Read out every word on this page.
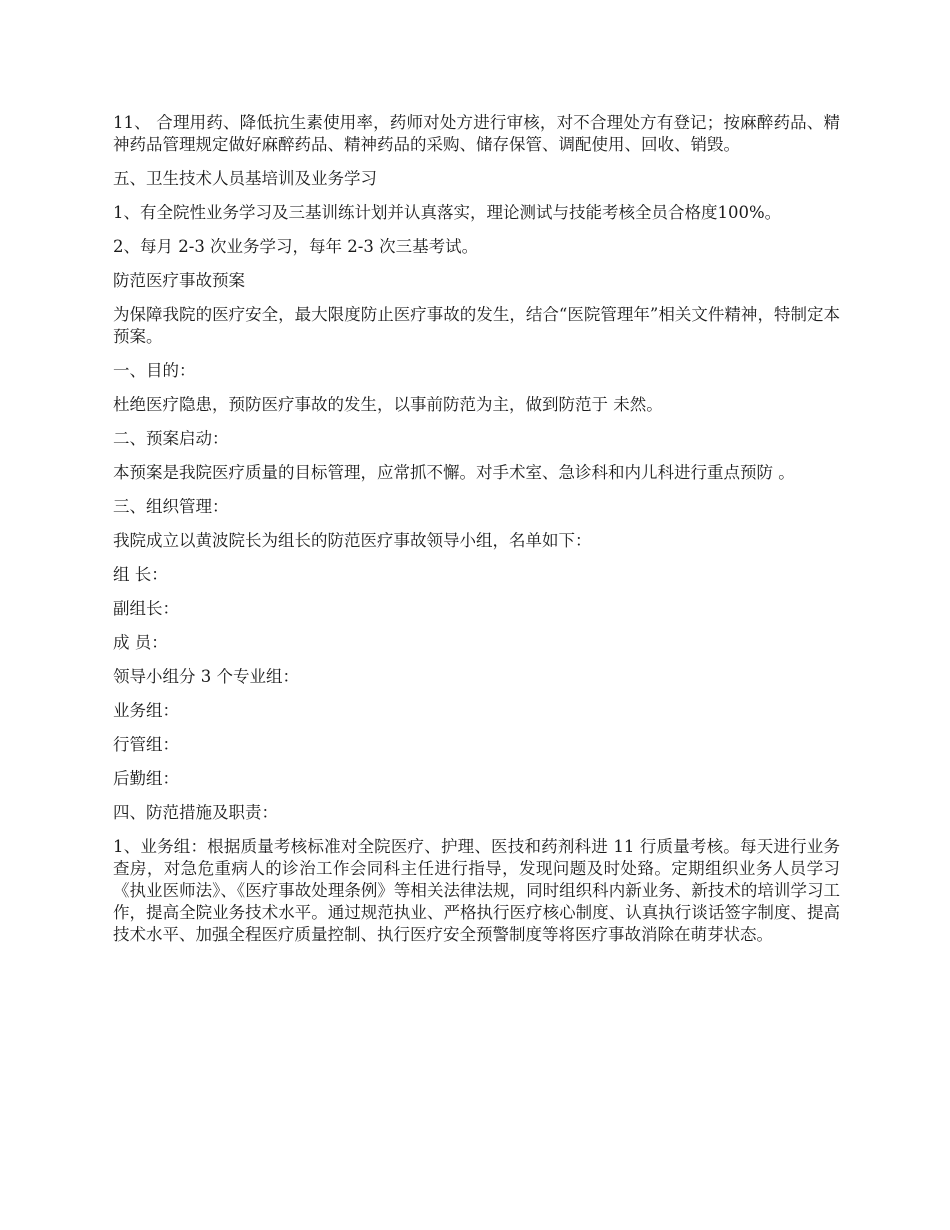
11、 合理用药、降低抗生素使用率，药师对处方进行审核，对不合理处方有登记；按麻醉药品、精神药品管理规定做好麻醉药品、精神药品的采购、储存保管、调配使用、回收、销毁。

五、卫生技术人员基培训及业务学习

1、有全院性业务学习及三基训练计划并认真落实，理论测试与技能考核全员合格度100%。

2、每月 2-3 次业务学习，每年 2-3 次三基考试。

防范医疗事故预案

为保障我院的医疗安全，最大限度防止医疗事故的发生，结合“医院管理年”相关文件精神，特制定本预案。

一、目的：

杜绝医疗隐患，预防医疗事故的发生，以事前防范为主，做到防范于 未然。

二、预案启动：

本预案是我院医疗质量的目标管理，应常抓不懈。对手术室、急诊科和内儿科进行重点预防 。

三、组织管理：

我院成立以黄波院长为组长的防范医疗事故领导小组，名单如下：

组 长：

副组长：

成 员：

领导小组分 3 个专业组：

业务组：

行管组：

后勤组：

四、防范措施及职责：

1、业务组：根据质量考核标准对全院医疗、护理、医技和药剂科进 11 行质量考核。每天进行业务查房，对急危重病人的诊治工作会同科主任进行指导，发现问题及时处臵。定期组织业务人员学习《执业医师法》、《医疗事故处理条例》等相关法律法规，同时组织科内新业务、新技术的培训学习工作，提高全院业务技术水平。通过规范执业、严格执行医疗核心制度、认真执行谈话签字制度、提高技术水平、加强全程医疗质量控制、执行医疗安全预警制度等将医疗事故消除在萌芽状态。
